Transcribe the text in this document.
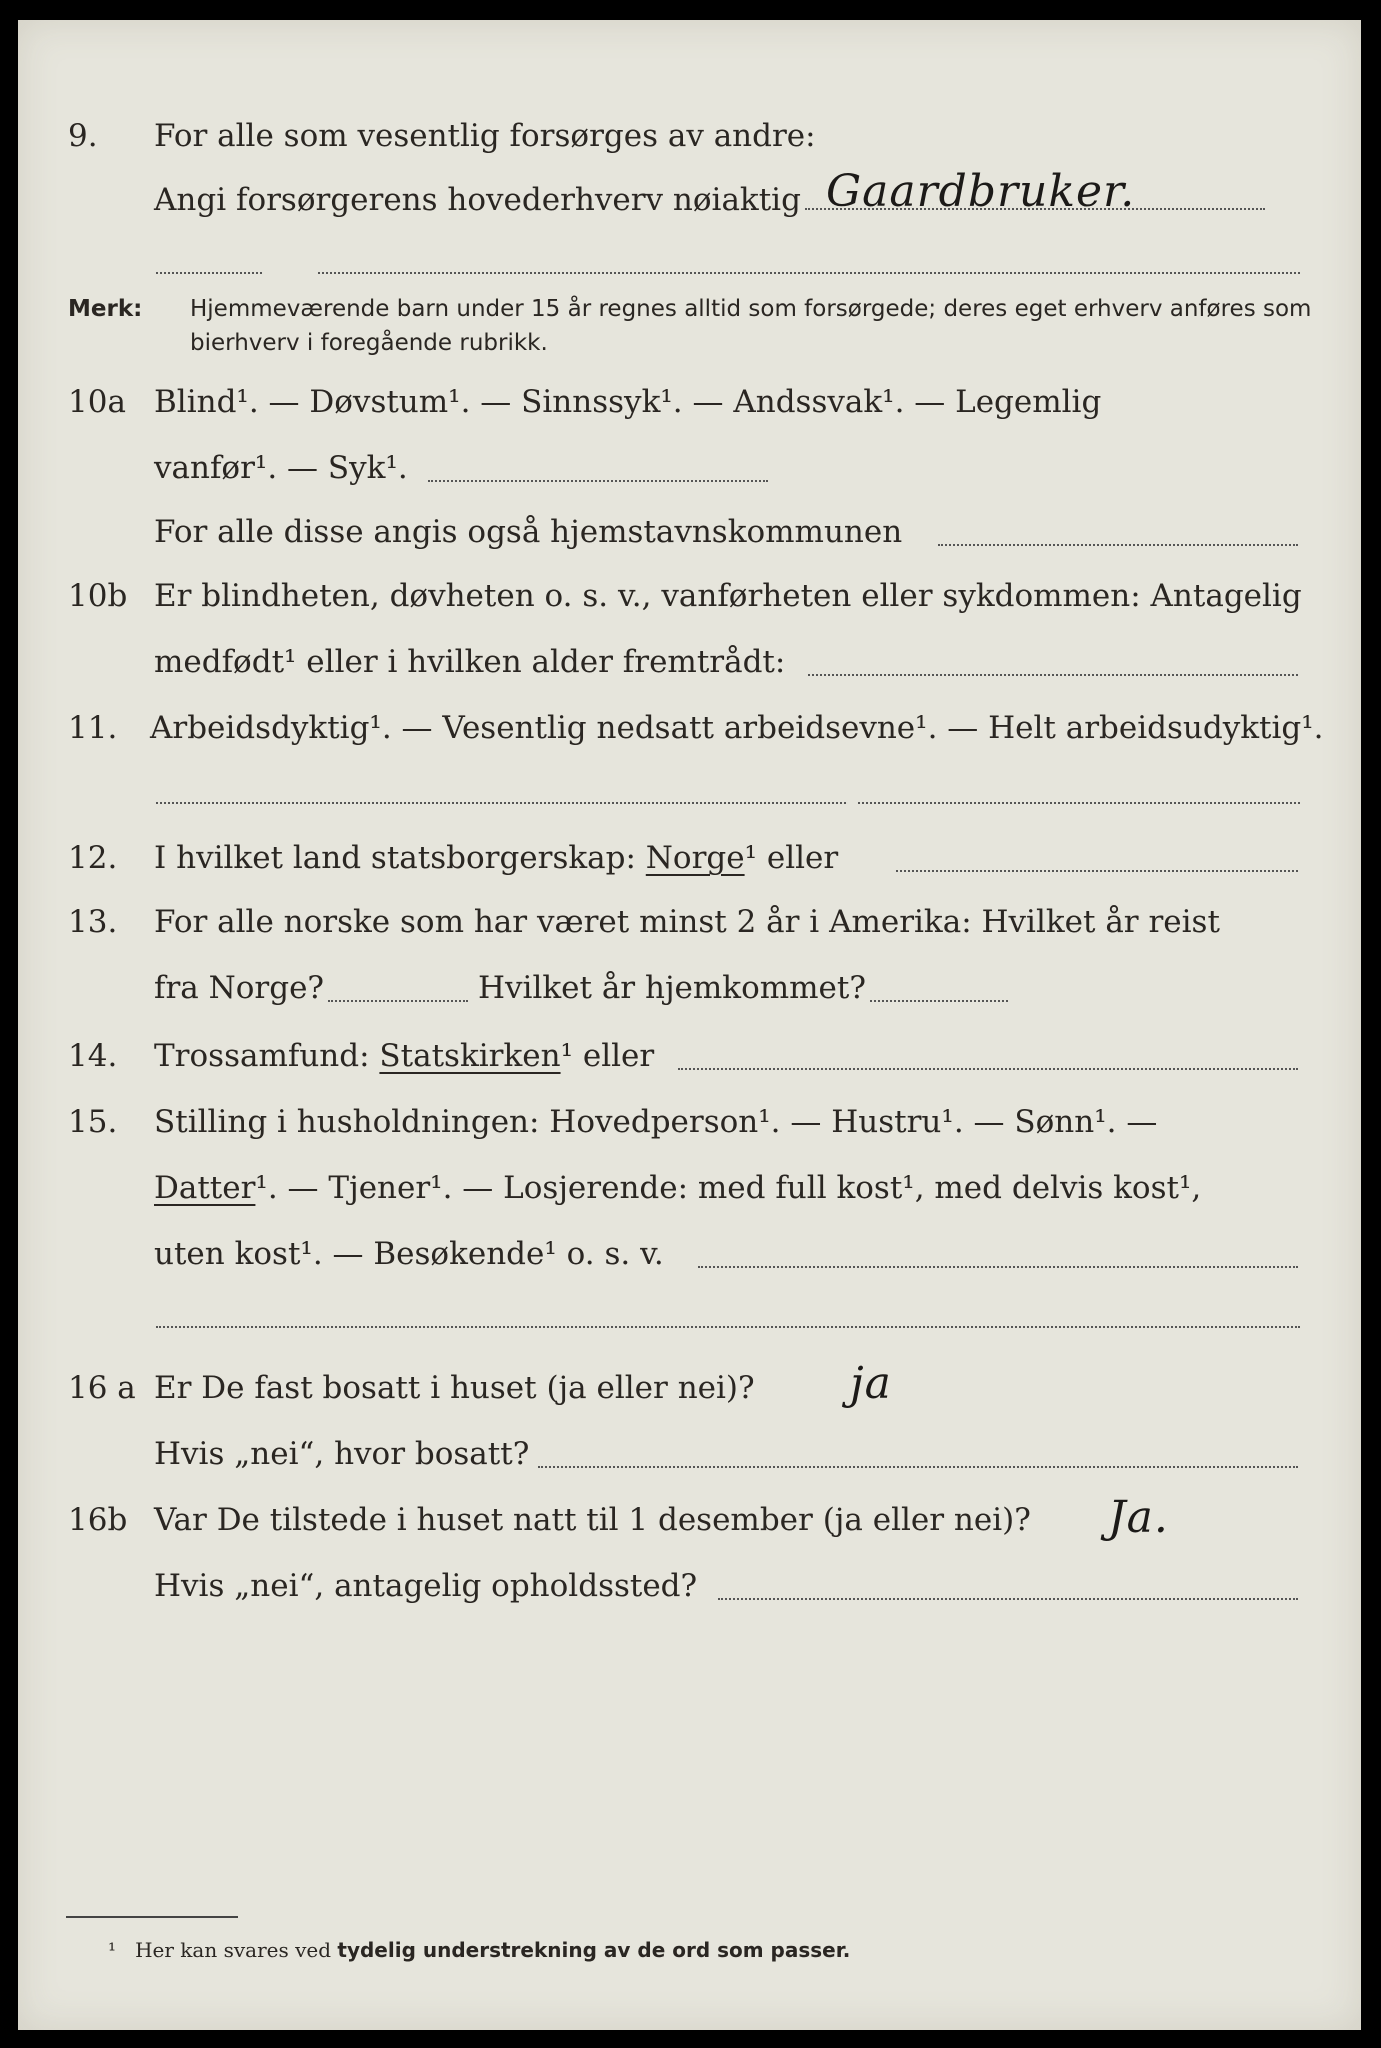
9.	For alle som vesentlig forsørges av andre:
Angi forsørgerens hovederhverv nøiaktig Gaardbruker.
Merk: Hjemmeværende barn under 15 år regnes alltid som forsørgede; deres eget erhverv anføres som bierhverv i foregående rubrikk.
10a Blind¹. — Døvstum¹. — Sinnssyk¹. — Andssvak¹. — Legemlig
vanfør¹. — Syk¹.
For alle disse angis også hjemstavnskommunen
10b Er blindheten, døvheten o. s. v., vanførheten eller sykdommen: Antagelig
medfødt¹ eller i hvilken alder fremtrådt:
11.	Arbeidsdyktig¹. — Vesentlig nedsatt arbeidsevne¹. — Helt arbeidsudyktig¹.
12.	I hvilket land statsborgerskap: Norge¹ eller
13.	For alle norske som har været minst 2 år i Amerika: Hvilket år reist
fra Norge?	Hvilket år hjemkommet?
14.	Trossamfund: Statskirken¹ eller
15.	Stilling i husholdningen: Hovedperson¹. — Hustru¹. — Sønn¹. —
Datter¹. — Tjener¹. — Losjerende: med full kost¹, med delvis kost¹,
uten kost¹. — Besøkende¹ o. s. v.
16 a Er De fast bosatt i huset (ja eller nei)? ja
Hvis „nei“, hvor bosatt?
16b Var De tilstede i huset natt til 1 desember (ja eller nei)? Ja.
Hvis „nei“, antagelig opholdssted?
¹ Her kan svares ved tydelig understrekning av de ord som passer.
